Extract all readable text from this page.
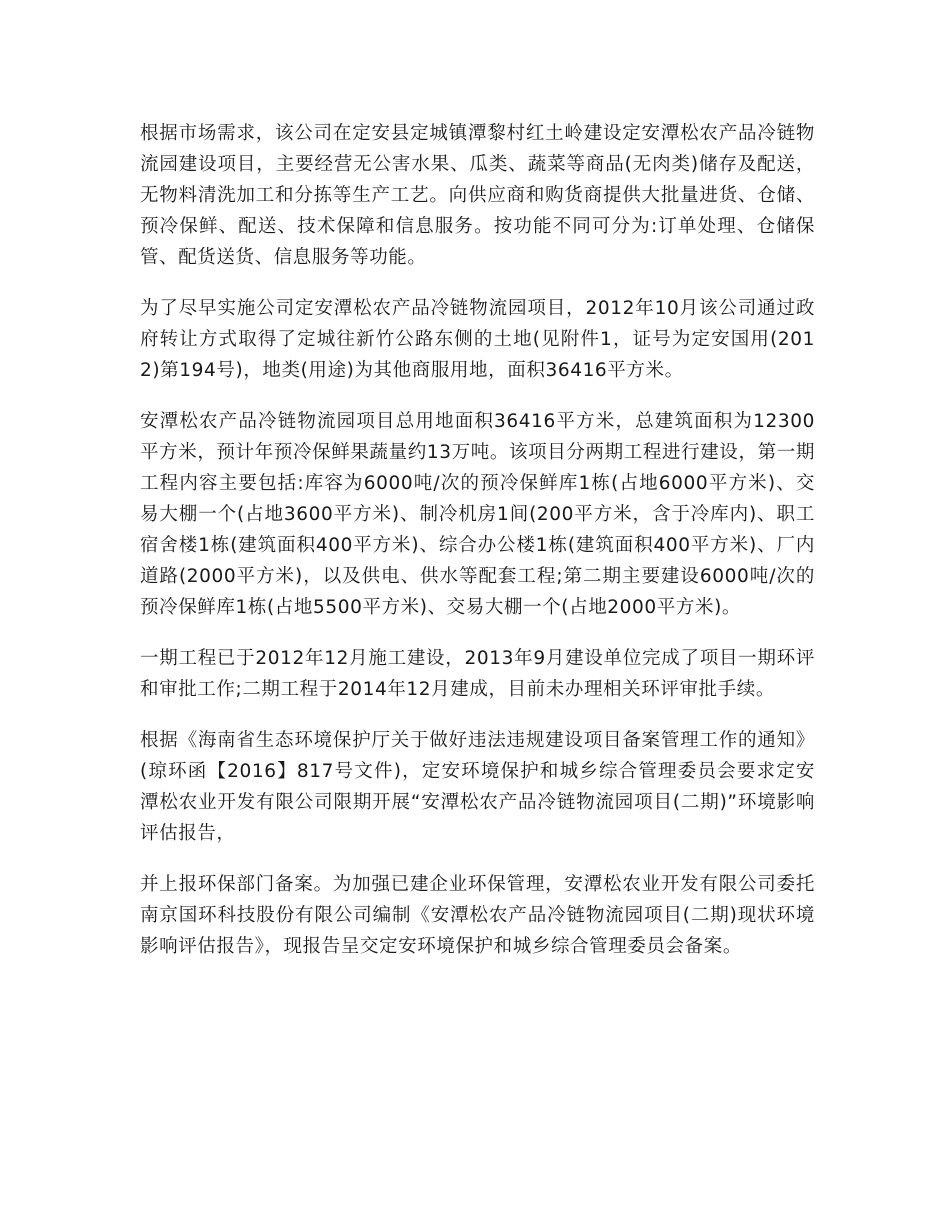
根据市场需求，该公司在定安县定城镇潭黎村红土岭建设定安潭松农产品冷链物流园建设项目，主要经营无公害水果、瓜类、蔬菜等商品(无肉类)储存及配送，无物料清洗加工和分拣等生产工艺。向供应商和购货商提供大批量进货、仓储、预冷保鲜、配送、技术保障和信息服务。按功能不同可分为:订单处理、仓储保管、配货送货、信息服务等功能。

为了尽早实施公司定安潭松农产品冷链物流园项目，2012年10月该公司通过政府转让方式取得了定城往新竹公路东侧的土地(见附件1，证号为定安国用(2012)第194号)，地类(用途)为其他商服用地，面积36416平方米。

安潭松农产品冷链物流园项目总用地面积36416平方米，总建筑面积为12300平方米，预计年预冷保鲜果蔬量约13万吨。该项目分两期工程进行建设，第一期工程内容主要包括:库容为6000吨/次的预冷保鲜库1栋(占地6000平方米)、交易大棚一个(占地3600平方米)、制冷机房1间(200平方米，含于冷库内)、职工宿舍楼1栋(建筑面积400平方米)、综合办公楼1栋(建筑面积400平方米)、厂内道路(2000平方米)，以及供电、供水等配套工程;第二期主要建设6000吨/次的预冷保鲜库1栋(占地5500平方米)、交易大棚一个(占地2000平方米)。

一期工程已于2012年12月施工建设，2013年9月建设单位完成了项目一期环评和审批工作;二期工程于2014年12月建成，目前未办理相关环评审批手续。

根据《海南省生态环境保护厅关于做好违法违规建设项目备案管理工作的通知》(琼环函【2016】817号文件)，定安环境保护和城乡综合管理委员会要求定安潭松农业开发有限公司限期开展“安潭松农产品冷链物流园项目(二期)”环境影响评估报告，

并上报环保部门备案。为加强已建企业环保管理，安潭松农业开发有限公司委托南京国环科技股份有限公司编制《安潭松农产品冷链物流园项目(二期)现状环境影响评估报告》，现报告呈交定安环境保护和城乡综合管理委员会备案。
